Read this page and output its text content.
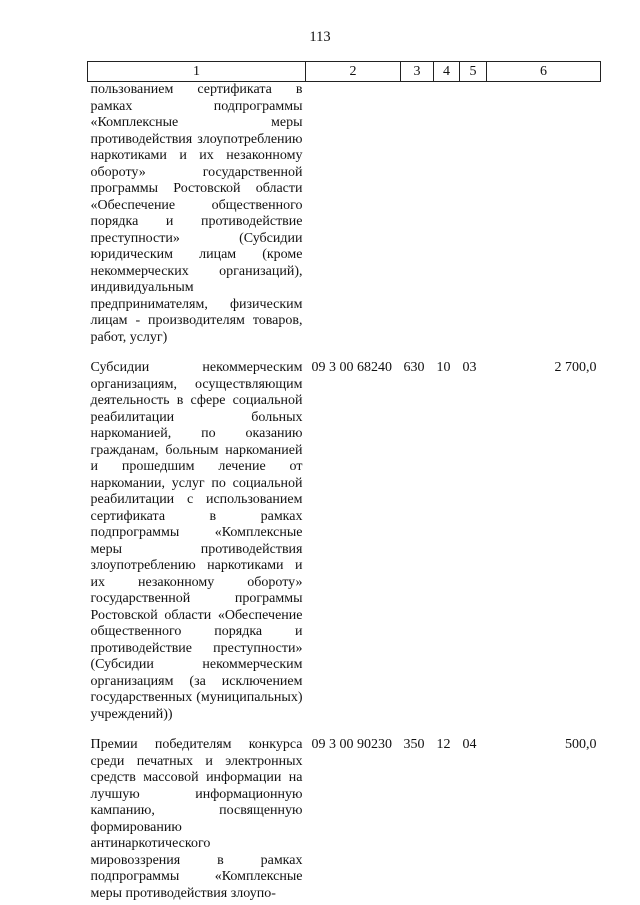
113
1	2	3	4	5	6
пользованием сертификата в рамках подпрограммы «Комплексные меры противодействия злоупотреблению наркотиками и их незаконному обороту» государственной программы Ростовской области «Обеспечение общественного порядка и противодействие преступности» (Субсидии юридическим лицам (кроме некоммерческих организаций), индивидуальным предпринимателям, физическим лицам - производителям товаров, работ, услуг)					
Субсидии некоммерческим организациям, осуществляющим деятельность в сфере социальной реабилитации больных наркоманией, по оказанию гражданам, больным наркоманией и прошедшим лечение от наркомании, услуг по социальной реабилитации с использованием сертификата в рамках подпрограммы «Комплексные меры противодействия злоупотреблению наркотиками и их незаконному обороту» государственной программы Ростовской области «Обеспечение общественного порядка и противодействие преступности» (Субсидии некоммерческим организациям (за исключением государственных (муниципальных) учреждений))	09 3 00 68240	630	10	03	2 700,0
Премии победителям конкурса среди печатных и электронных средств массовой информации на лучшую информационную кампанию, посвященную формированию антинаркотического мировоззрения в рамках подпрограммы «Комплексные меры противодействия злоупо-	09 3 00 90230	350	12	04	500,0
